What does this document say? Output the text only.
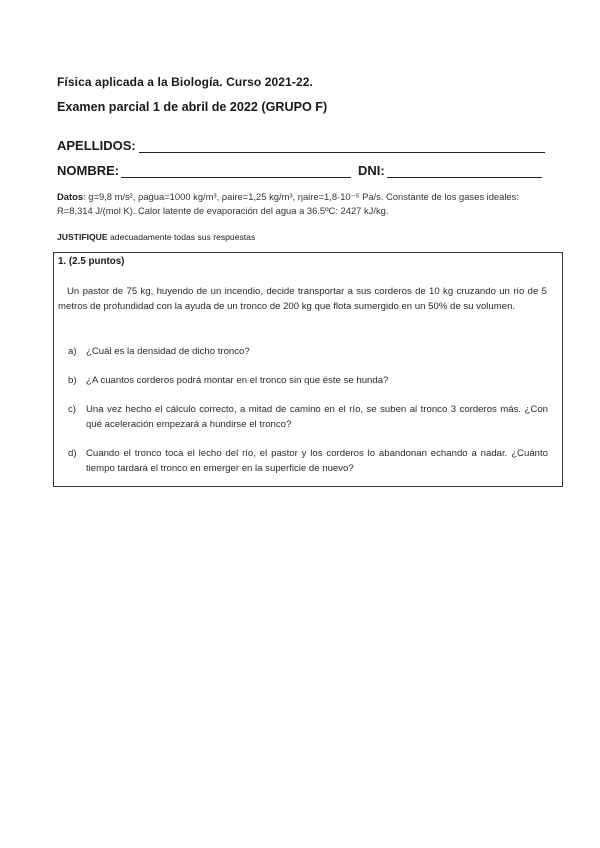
Física aplicada a la Biología. Curso 2021-22.
Examen parcial 1 de abril de 2022 (GRUPO F)
APELLIDOS:
NOMBRE:	DNI:
Datos: g=9,8 m/s², ρagua=1000 kg/m³, ρaire=1,25 kg/m³, ηaire=1,8·10⁻⁵ Pa/s. Constante de los gases ideales: R=8,314 J/(mol K). Calor latente de evaporación del agua a 36.5ºC: 2427 kJ/kg.
JUSTIFIQUE adecuadamente todas sus respuestas
1. (2.5 puntos)
Un pastor de 75 kg, huyendo de un incendio, decide transportar a sus corderos de 10 kg cruzando un río de 5 metros de profundidad con la ayuda de un tronco de 200 kg que flota sumergido en un 50% de su volumen.
a) ¿Cuál es la densidad de dicho tronco?
b) ¿A cuantos corderos podrá montar en el tronco sin que éste se hunda?
c) Una vez hecho el cálculo correcto, a mitad de camino en el río, se suben al tronco 3 corderos más. ¿Con qué aceleración empezará a hundirse el tronco?
d) Cuando el tronco toca el lecho del río, el pastor y los corderos lo abandonan echando a nadar. ¿Cuánto tiempo tardará el tronco en emerger en la superficie de nuevo?
